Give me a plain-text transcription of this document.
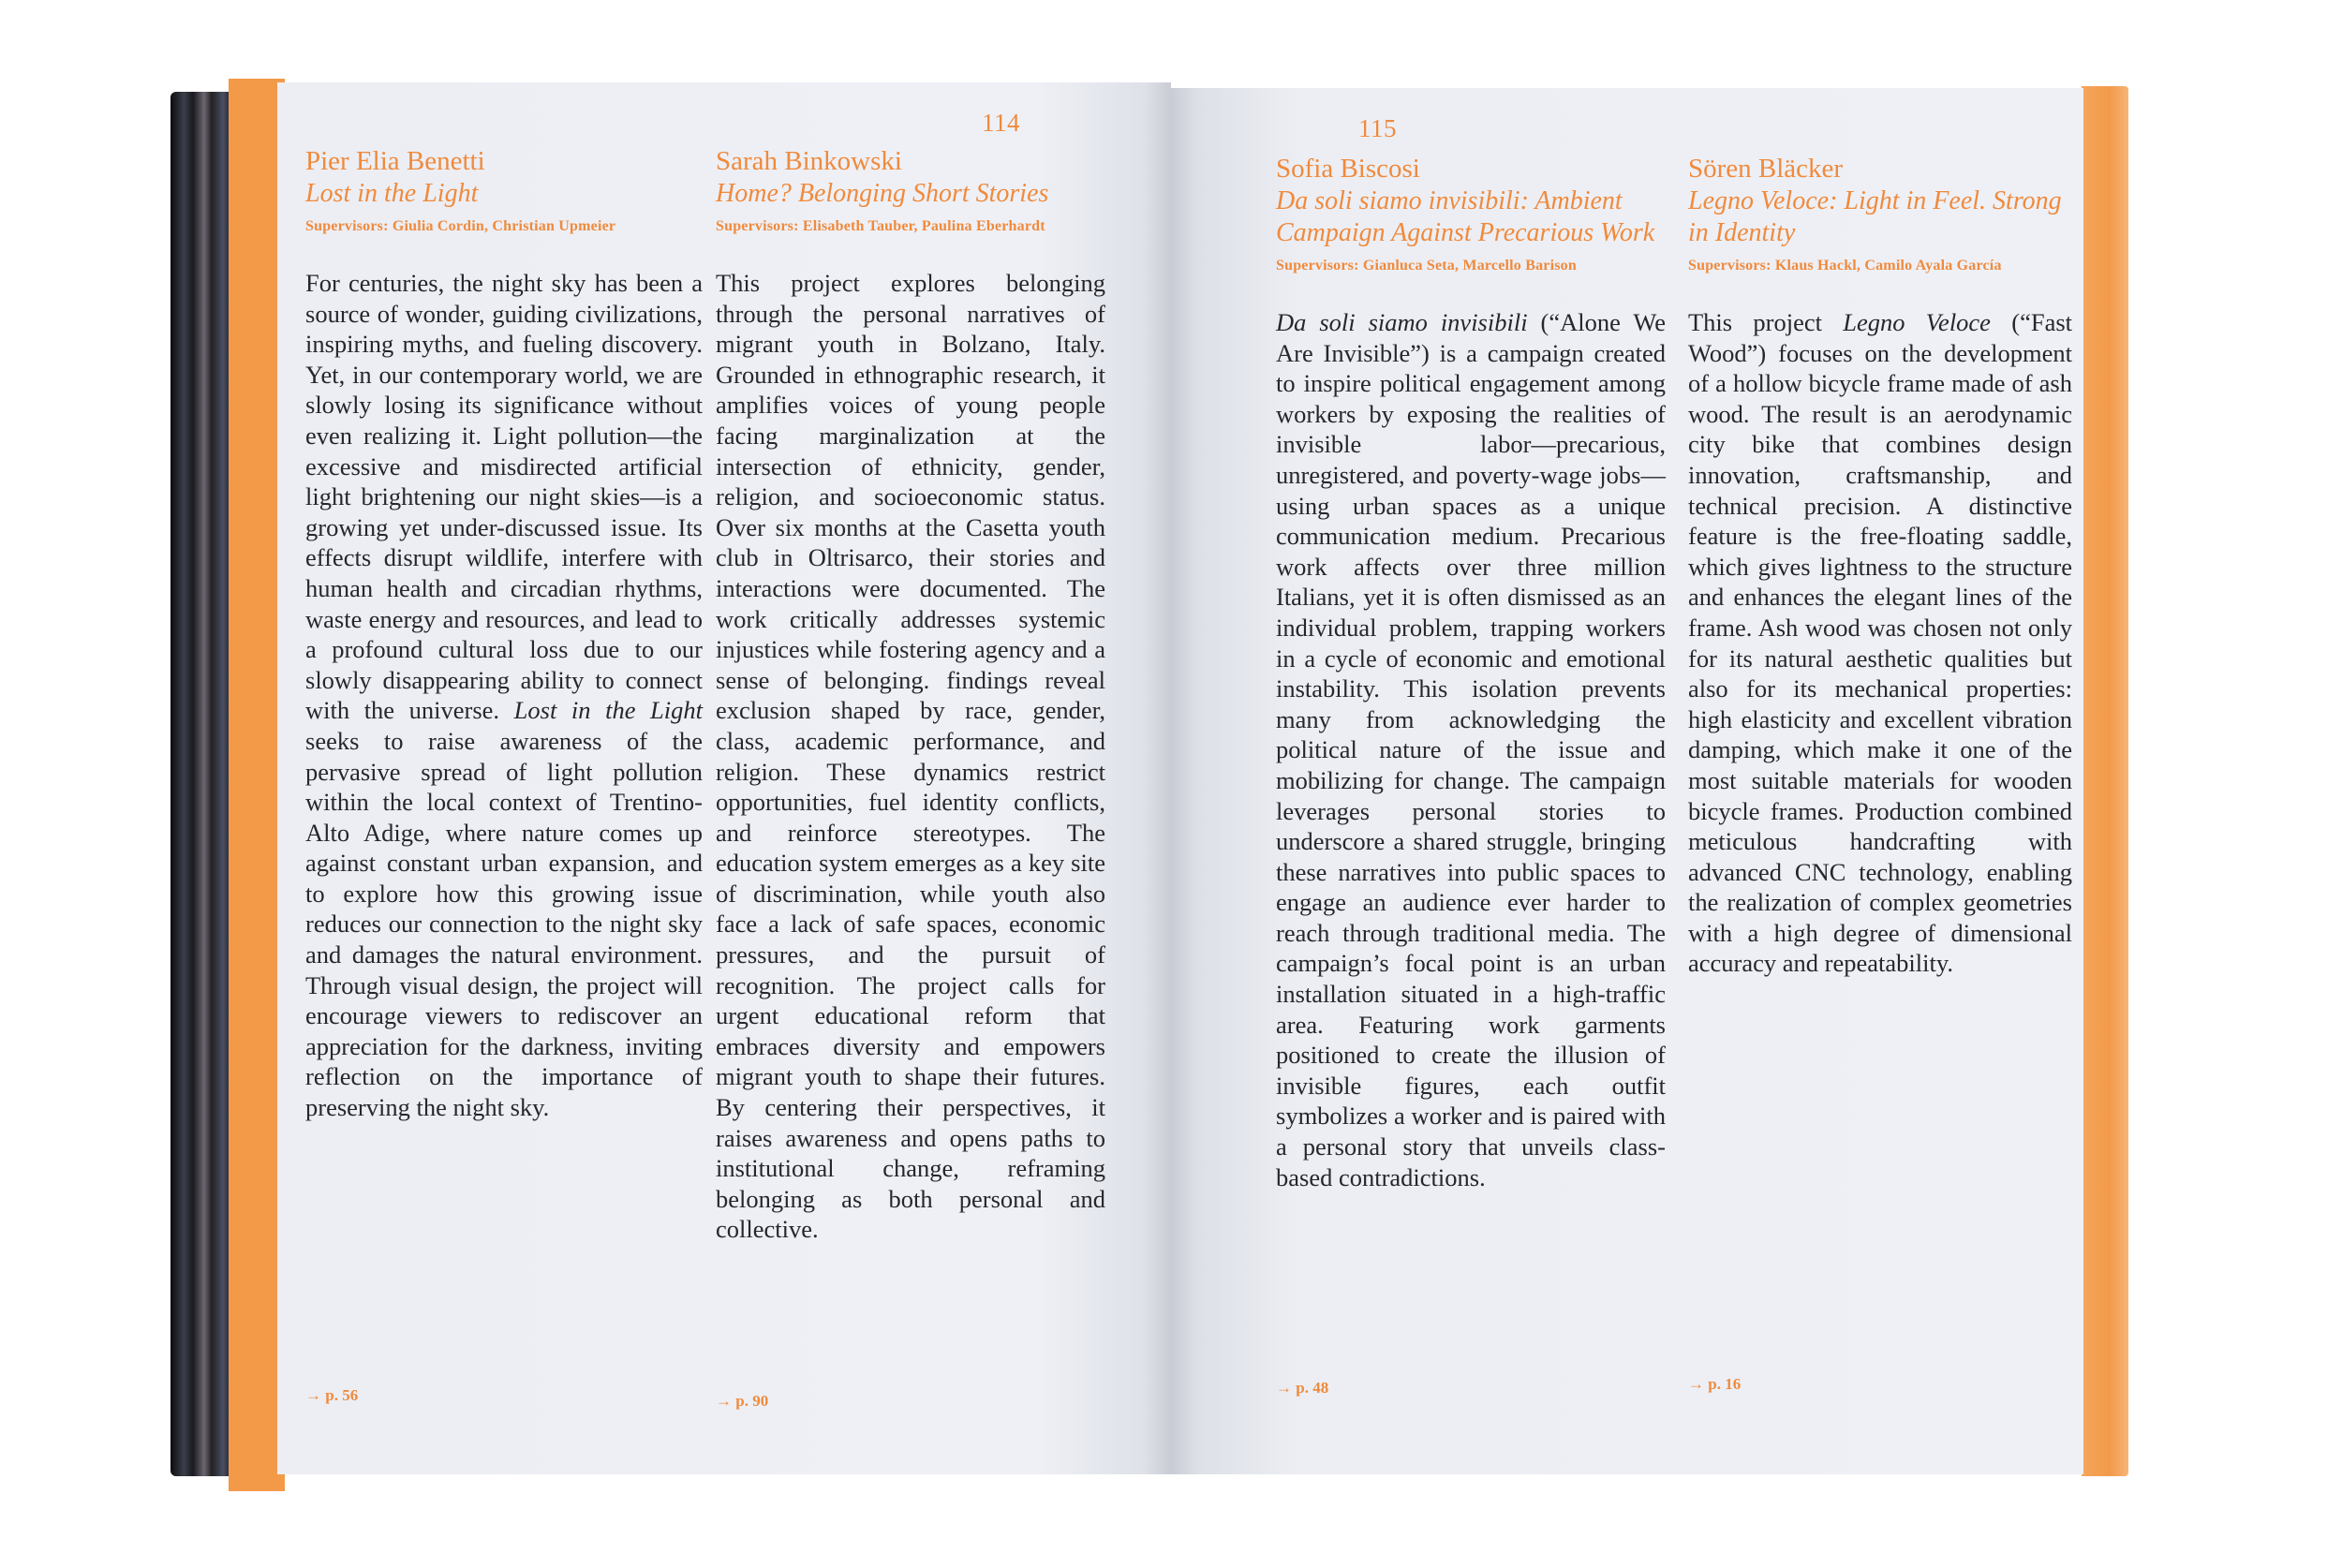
114
Pier Elia Benetti
Lost in the Light
Supervisors: Giulia Cordin, Christian Upmeier
For centuries, the night sky has been a source of wonder, guiding civilizations, inspiring myths, and fueling discovery. Yet, in our contemporary world, we are slowly losing its significance without even realizing it. Light pollution—the excessive and misdirected artificial light brightening our night skies—is a growing yet under-discussed issue. Its effects disrupt wildlife, interfere with human health and circadian rhythms, waste energy and resources, and lead to a profound cultural loss due to our slowly disappearing ability to connect with the universe. Lost in the Light seeks to raise awareness of the pervasive spread of light pollution within the local context of Trentino-Alto Adige, where nature comes up against constant urban expansion, and to explore how this growing issue reduces our connection to the night sky and damages the natural environment. Through visual design, the project will encourage viewers to rediscover an appreciation for the darkness, inviting reflection on the importance of preserving the night sky.
→ p. 56
Sarah Binkowski
Home? Belonging Short Stories
Supervisors: Elisabeth Tauber, Paulina Eberhardt
This project explores belonging through the personal narratives of migrant youth in Bolzano, Italy. Grounded in ethnographic research, it amplifies voices of young people facing marginalization at the intersection of ethnicity, gender, religion, and socioeconomic status. Over six months at the Casetta youth club in Oltrisarco, their stories and interactions were documented. The work critically addresses systemic injustices while fostering agency and a sense of belonging. findings reveal exclusion shaped by race, gender, class, academic performance, and religion. These dynamics restrict opportunities, fuel identity conflicts, and reinforce stereotypes. The education system emerges as a key site of discrimination, while youth also face a lack of safe spaces, economic pressures, and the pursuit of recognition. The project calls for urgent educational reform that embraces diversity and empowers migrant youth to shape their futures. By centering their perspectives, it raises awareness and opens paths to institutional change, reframing belonging as both personal and collective.
→ p. 90
115
Sofia Biscosi
Da soli siamo invisibili: Ambient Campaign Against Precarious Work
Supervisors: Gianluca Seta, Marcello Barison
Da soli siamo invisibili (“Alone We Are Invisible”) is a campaign created to inspire political engagement among workers by exposing the realities of invisible labor—precarious, unregistered, and poverty-wage jobs—using urban spaces as a unique communication medium. Precarious work affects over three million Italians, yet it is often dismissed as an individual problem, trapping workers in a cycle of economic and emotional instability. This isolation prevents many from acknowledging the political nature of the issue and mobilizing for change. The campaign leverages personal stories to underscore a shared struggle, bringing these narratives into public spaces to engage an audience ever harder to reach through traditional media. The campaign’s focal point is an urban installation situated in a high-traffic area. Featuring work garments positioned to create the illusion of invisible figures, each outfit symbolizes a worker and is paired with a personal story that unveils class-based contradictions.
→ p. 48
Sören Bläcker
Legno Veloce: Light in Feel. Strong in Identity
Supervisors: Klaus Hackl, Camilo Ayala García
This project Legno Veloce (“Fast Wood”) focuses on the development of a hollow bicycle frame made of ash wood. The result is an aerodynamic city bike that combines design innovation, craftsmanship, and technical precision. A distinctive feature is the free-floating saddle, which gives lightness to the structure and enhances the elegant lines of the frame. Ash wood was chosen not only for its natural aesthetic qualities but also for its mechanical properties: high elasticity and excellent vibration damping, which make it one of the most suitable materials for wooden bicycle frames. Production combined meticulous handcrafting with advanced CNC technology, enabling the realization of complex geometries with a high degree of dimensional accuracy and repeatability.
→ p. 16
